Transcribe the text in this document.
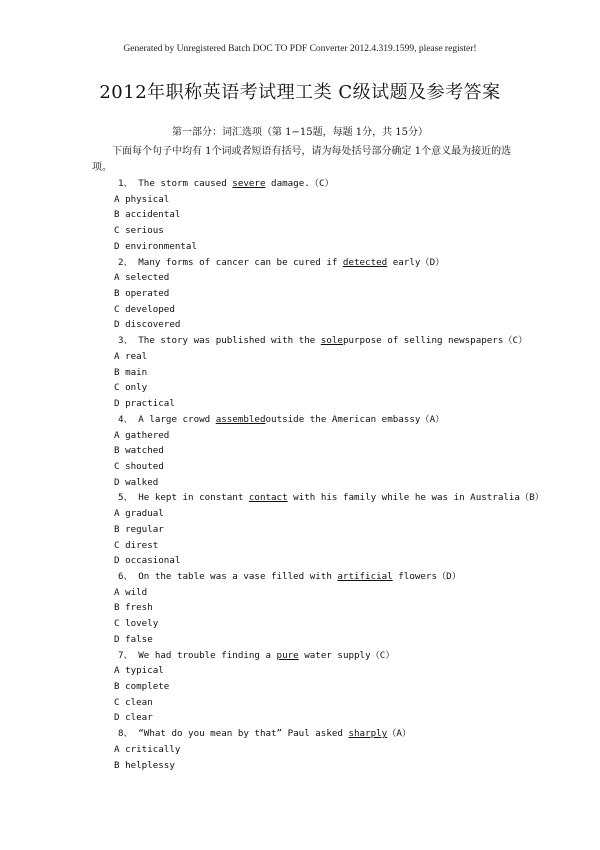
Generated by Unregistered Batch DOC TO PDF Converter 2012.4.319.1599, please register!
2012年职称英语考试理工类 C级试题及参考答案
第一部分：词汇选项（第 1−15题，每题 1分，共 15分）
下面每个句子中均有 1个词或者短语有括号，请为每处括号部分确定 1个意义最为接近的选项。
1、 The storm caused severe damage.（C）
A physical
B accidental
C serious
D environmental
2、 Many forms of cancer can be cured if detected early（D）
A selected
B operated
C developed
D discovered
3、 The story was published with the solepurpose of selling newspapers（C）
A real
B main
C only
D practical
4、 A large crowd assembledoutside the American embassy（A）
A gathered
B watched
C shouted
D walked
5、 He kept in constant contact with his family while he was in Australia（B）
A gradual
B regular
C direst
D occasional
6、 On the table was a vase filled with artificial flowers（D）
A wild
B fresh
C lovely
D false
7、 We had trouble finding a pure water supply（C）
A typical
B complete
C clean
D clear
8、 “What do you mean by that” Paul asked sharply（A）
A critically
B helplessy
